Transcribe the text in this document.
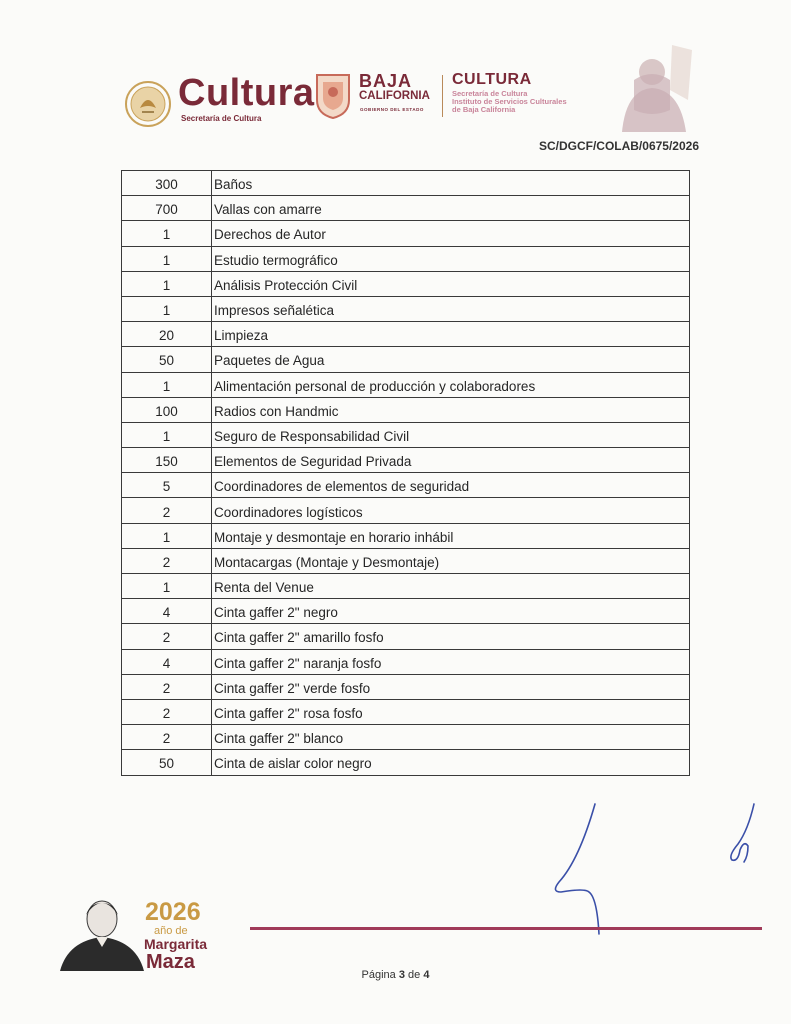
Cultura
Secretaría de Cultura
BAJA
CALIFORNIA
GOBIERNO DEL ESTADO
CULTURA
Secretaría de Cultura
Instituto de Servicios Culturales
de Baja California
SC/DGCF/COLAB/0675/2026
300	Baños
700	Vallas con amarre
1	Derechos de Autor
1	Estudio termográfico
1	Análisis Protección Civil
1	Impresos señalética
20	Limpieza
50	Paquetes de Agua
1	Alimentación personal de producción y colaboradores
100	Radios con Handmic
1	Seguro de Responsabilidad Civil
150	Elementos de Seguridad Privada
5	Coordinadores de elementos de seguridad
2	Coordinadores logísticos
1	Montaje y desmontaje en horario inhábil
2	Montacargas (Montaje y Desmontaje)
1	Renta del Venue
4	Cinta gaffer 2" negro
2	Cinta gaffer 2" amarillo fosfo
4	Cinta gaffer 2" naranja fosfo
2	Cinta gaffer 2" verde fosfo
2	Cinta gaffer 2" rosa fosfo
2	Cinta gaffer 2" blanco
50	Cinta de aislar color negro
2026
año de
Margarita
Maza
Página 3 de 4
